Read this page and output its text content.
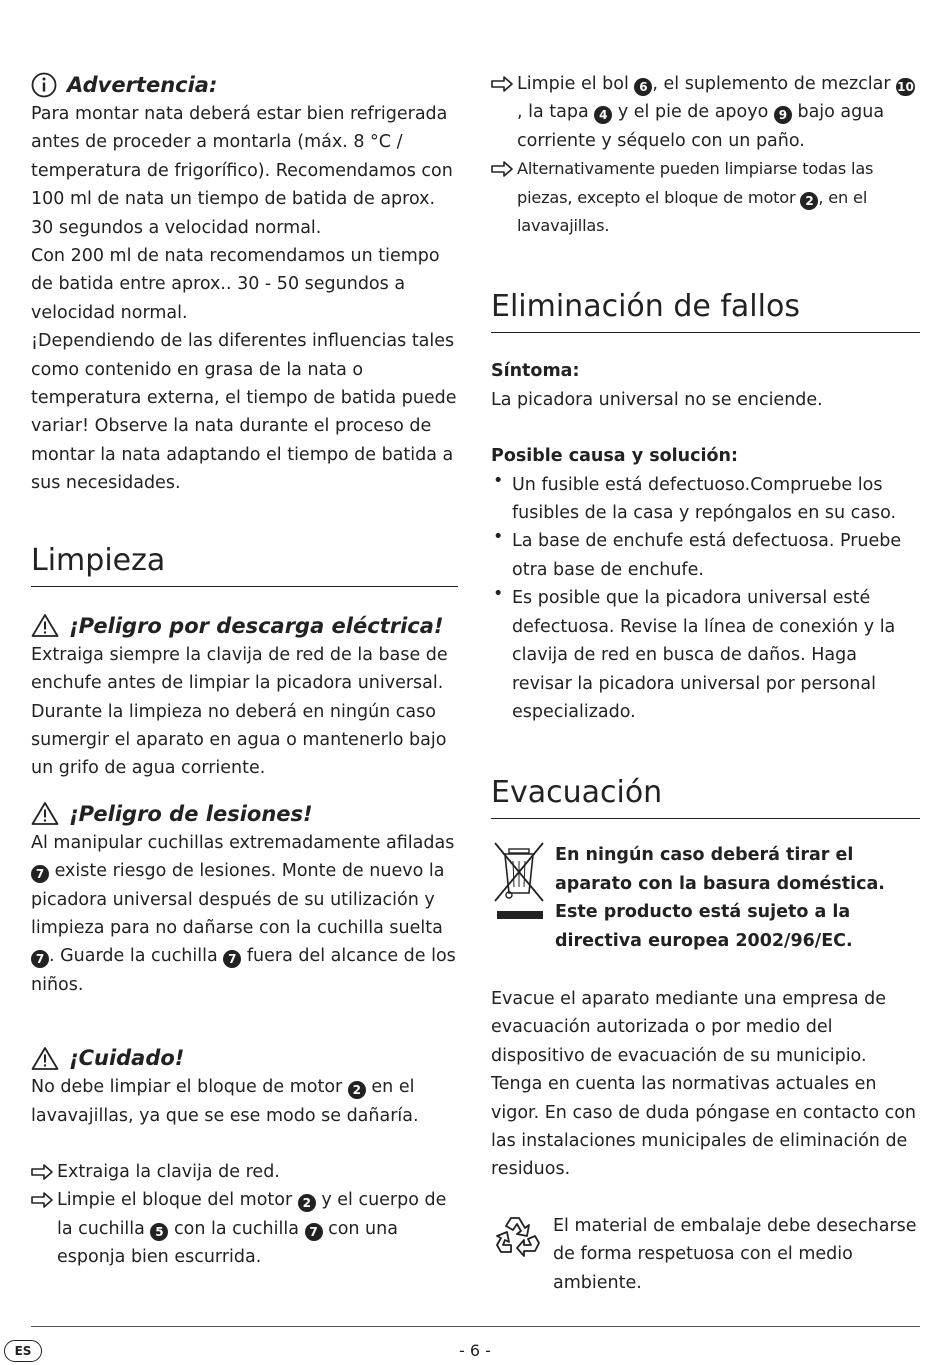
Advertencia:

Para montar nata deberá estar bien refrigerada antes de proceder a montarla (máx. 8 °C / temperatura de frigorífico). Recomendamos con 100 ml de nata un tiempo de batida de aprox. 30 segundos a velocidad normal.

Con 200 ml de nata recomendamos un tiempo de batida entre aprox.. 30 - 50 segundos a velocidad normal.

¡Dependiendo de las diferentes influencias tales como contenido en grasa de la nata o temperatura externa, el tiempo de batida puede variar! Observe la nata durante el proceso de montar la nata adaptando el tiempo de batida a sus necesidades.

Limpieza
¡Peligro por descarga eléctrica!

Extraiga siempre la clavija de red de la base de enchufe antes de limpiar la picadora universal. Durante la limpieza no deberá en ningún caso sumergir el aparato en agua o mantenerlo bajo un grifo de agua corriente.

¡Peligro de lesiones!

Al manipular cuchillas extremadamente afiladas 7 existe riesgo de lesiones. Monte de nuevo la picadora universal después de su utilización y limpieza para no dañarse con la cuchilla suelta 7 . Guarde la cuchilla 7 fuera del alcance de los niños.

¡Cuidado!

No debe limpiar el bloque de motor 2 en el lavavajillas, ya que se ese modo se dañaría.

Extraiga la clavija de red.

Limpie el bloque del motor 2 y el cuerpo de la cuchilla 5 con la cuchilla 7 con una esponja bien escurrida.

Limpie el bol 6 , el suplemento de mezclar 10, la tapa 4 y el pie de apoyo 9 bajo agua corriente y séquelo con un paño.

Alternativamente pueden limpiarse todas las piezas, excepto el bloque de motor 2 , en el lavavajillas.

Eliminación de fallos

Síntoma:

La picadora universal no se enciende.

Posible causa y solución:

• Un fusible está defectuoso.Compruebe los fusibles de la casa y repóngalos en su caso.

• La base de enchufe está defectuosa. Pruebe otra base de enchufe.

• Es posible que la picadora universal esté defectuosa. Revise la línea de conexión y la clavija de red en busca de daños. Haga revisar la picadora universal por personal especializado.

Evacuación

En ningún caso deberá tirar el aparato con la basura doméstica. Este producto está sujeto a la directiva europea 2002/96/EC.

Evacue el aparato mediante una empresa de evacuación autorizada o por medio del dispositivo de evacuación de su municipio.

Tenga en cuenta las normativas actuales en vigor. En caso de duda póngase en contacto con las instalaciones municipales de eliminación de residuos.

El material de embalaje debe desecharse de forma respetuosa con el medio ambiente.

ES	- 6 -
